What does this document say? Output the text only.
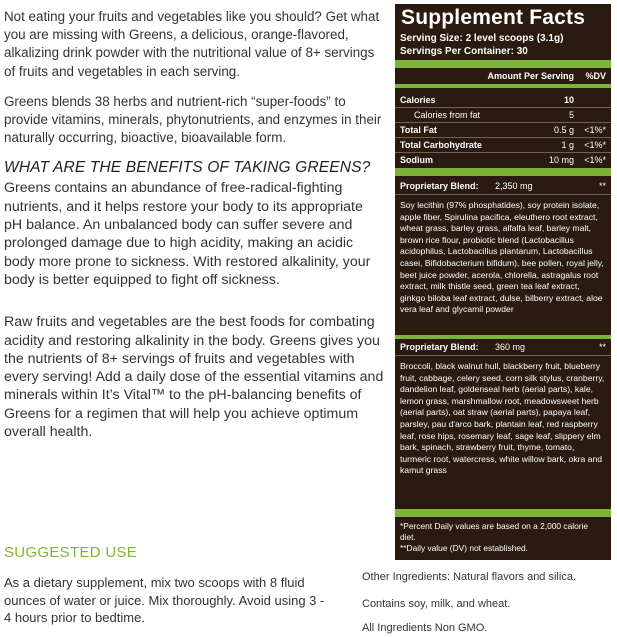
Not eating your fruits and vegetables like you should? Get what you are missing with Greens, a delicious, orange-flavored, alkalizing drink powder with the nutritional value of 8+ servings of fruits and vegetables in each serving.

Greens blends 38 herbs and nutrient-rich “super-foods” to provide vitamins, minerals, phytonutrients, and enzymes in their naturally occurring, bioactive, bioavailable form.

WHAT ARE THE BENEFITS OF TAKING GREENS?

Greens contains an abundance of free-radical-fighting nutrients, and it helps restore your body to its appropriate pH balance. An unbalanced body can suffer severe and prolonged damage due to high acidity, making an acidic body more prone to sickness. With restored alkalinity, your body is better equipped to fight off sickness.

Raw fruits and vegetables are the best foods for combating acidity and restoring alkalinity in the body. Greens gives you the nutrients of 8+ servings of fruits and vegetables with every serving! Add a daily dose of the essential vitamins and minerals within It’s Vital™ to the pH-balancing benefits of Greens for a regimen that will help you achieve optimum overall health.

SUGGESTED USE

As a dietary supplement, mix two scoops with 8 fluid ounces of water or juice. Mix thoroughly. Avoid using 3 - 4 hours prior to bedtime.

Supplement Facts
Serving Size: 2 level scoops (3.1g)
Servings Per Container: 30
Amount Per Serving	%DV
Calories	10
Calories from fat	5
Total Fat	0.5 g	<1%*
Total Carbohydrate	1 g	<1%*
Sodium	10 mg	<1%*
Proprietary Blend:	2,350 mg	**
Soy lecithin (97% phosphatides), soy protein isolate, apple fiber, Spirulina pacifica, eleuthero root extract, wheat grass, barley grass, alfalfa leaf, barley malt, brown rice flour, probiotic blend (Lactobacillus acidophilus, Lactobacillus plantarum, Lactobacillus casei, Bifidobacterium bifidum), bee pollen, royal jelly, beet juice powder, acerola, chlorella, astragalus root extract, milk thistle seed, green tea leaf extract, ginkgo biloba leaf extract, dulse, bilberry extract, aloe vera leaf and glycamil powder
Proprietary Blend:	360 mg	**
Broccoli, black walnut hull, blackberry fruit, blueberry fruit, cabbage, celery seed, corn silk stylus, cranberry, dandelion leaf, goldenseal herb (aerial parts), kale, lemon grass, marshmallow root, meadowsweet herb (aerial parts), oat straw (aerial parts), papaya leaf, parsley, pau d'arco bark, plantain leaf, red raspberry leaf, rose hips, rosemary leaf, sage leaf, slippery elm bark, spinach, strawberry fruit, thyme, tomato, turmeric root, watercress, white willow bark, okra and kamut grass
*Percent Daily values are based on a 2,000 calorie diet.
**Daily value (DV) not established.
Other Ingredients: Natural flavors and silica.
Contains soy, milk, and wheat.
All Ingredients Non GMO.
